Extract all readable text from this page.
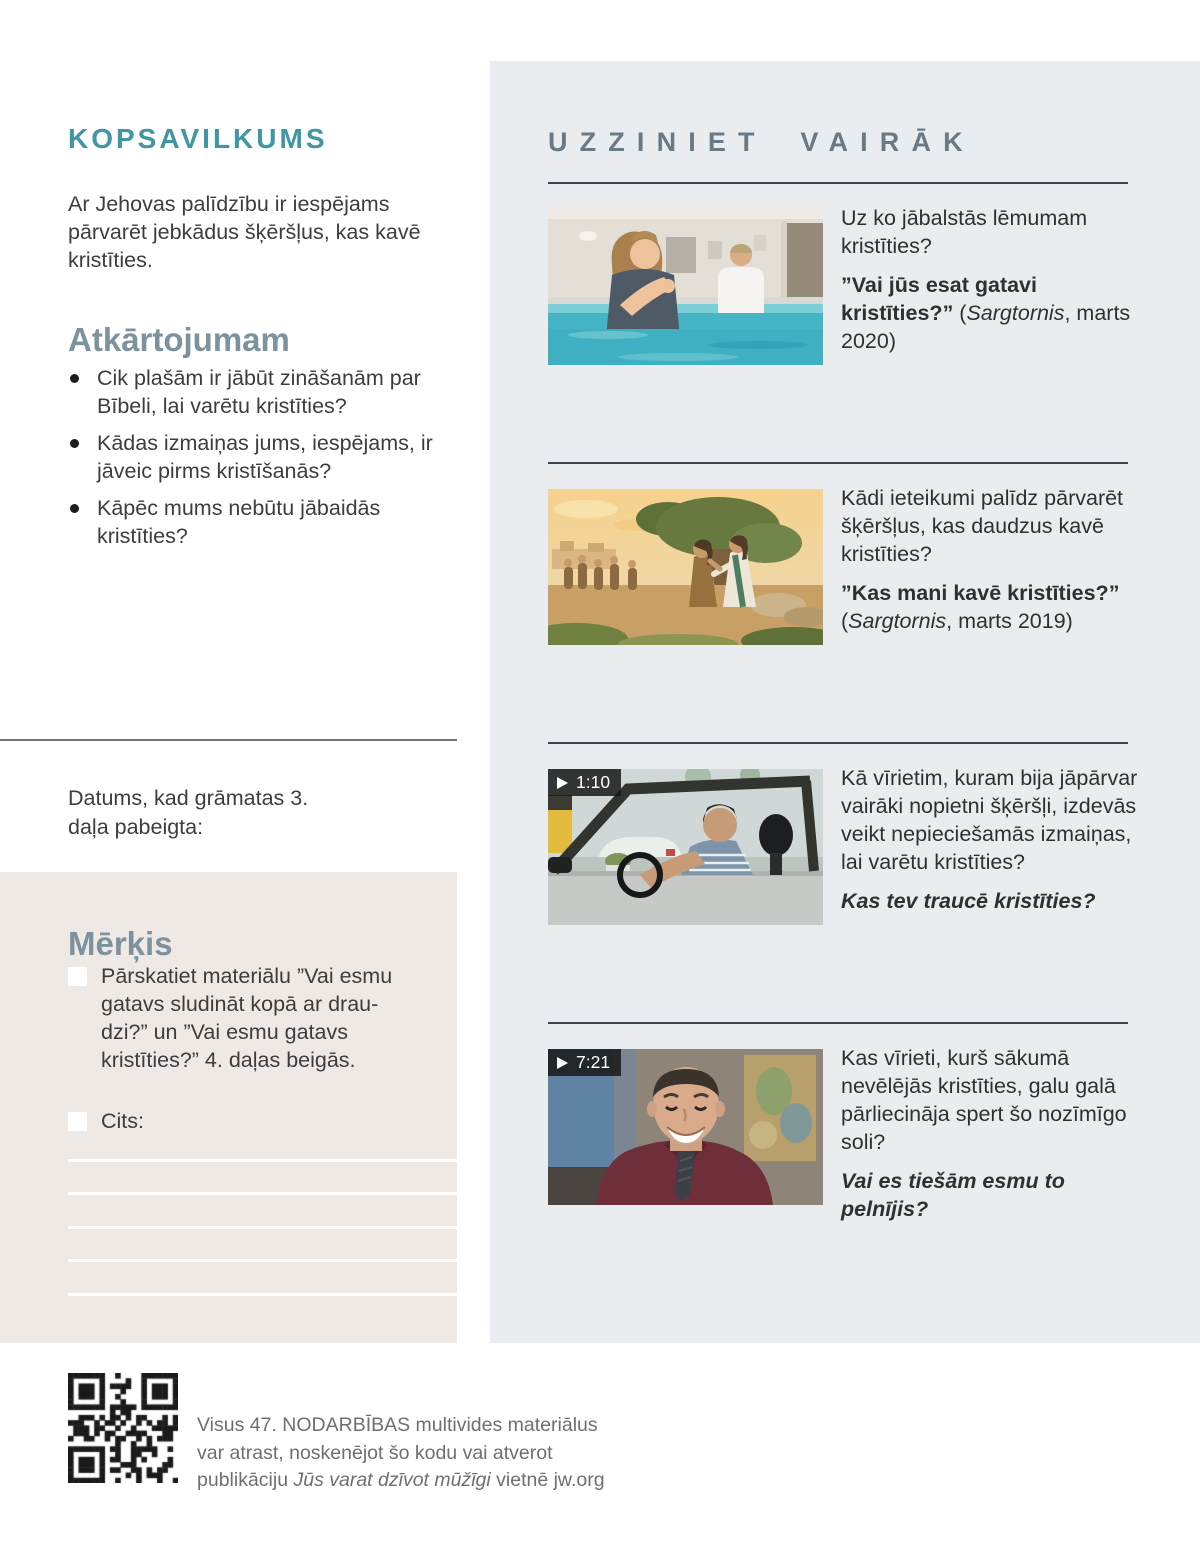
KOPSAVILKUMS

Ar Jehovas palīdzību ir iespējams pārvarēt jebkādus šķēršļus, kas kavē kristīties.

Atkārtojumam
Cik plašām ir jābūt zināšanām par Bībeli, lai varētu kristīties?
Kādas izmaiņas jums, iespējams, ir jāveic pirms kristīšanās?
Kāpēc mums nebūtu jābaidās kristīties?

Datums, kad grāmatas 3. daļa pabeigta:

Mērķis
Pārskatiet materiālu ”Vai esmu gatavs sludināt kopā ar draudzi?” un ”Vai esmu gatavs kristīties?” 4. daļas beigās.
Cits:

Visus 47. NODARBĪBAS multivides materiālus

var atrast, noskenējot šo kodu vai atverot

publikāciju Jūs varat dzīvot mūžīgi vietnē jw.org

UZZINIET VAIRĀK

Uz ko jābalstās lēmumam kristīties?

”Vai jūs esat gatavi kristīties?” (Sargtornis, marts 2020)

Kādi ieteikumi palīdz pārvarēt šķēršļus, kas daudzus kavē kristīties?

”Kas mani kavē kristīties?” (Sargtornis, marts 2019)

1:10	Kā vīrietim, kuram bija jāpārvar vairāki nopietni šķēršļi, izdevās veikt nepieciešamās izmaiņas, lai varētu kristīties?

Kas tev traucē kristīties?

7:21	Kas vīrieti, kurš sākumā nevēlējās kristīties, galu galā pārliecināja spert šo nozīmīgo soli?

Vai es tiešām esmu to pelnījis?
